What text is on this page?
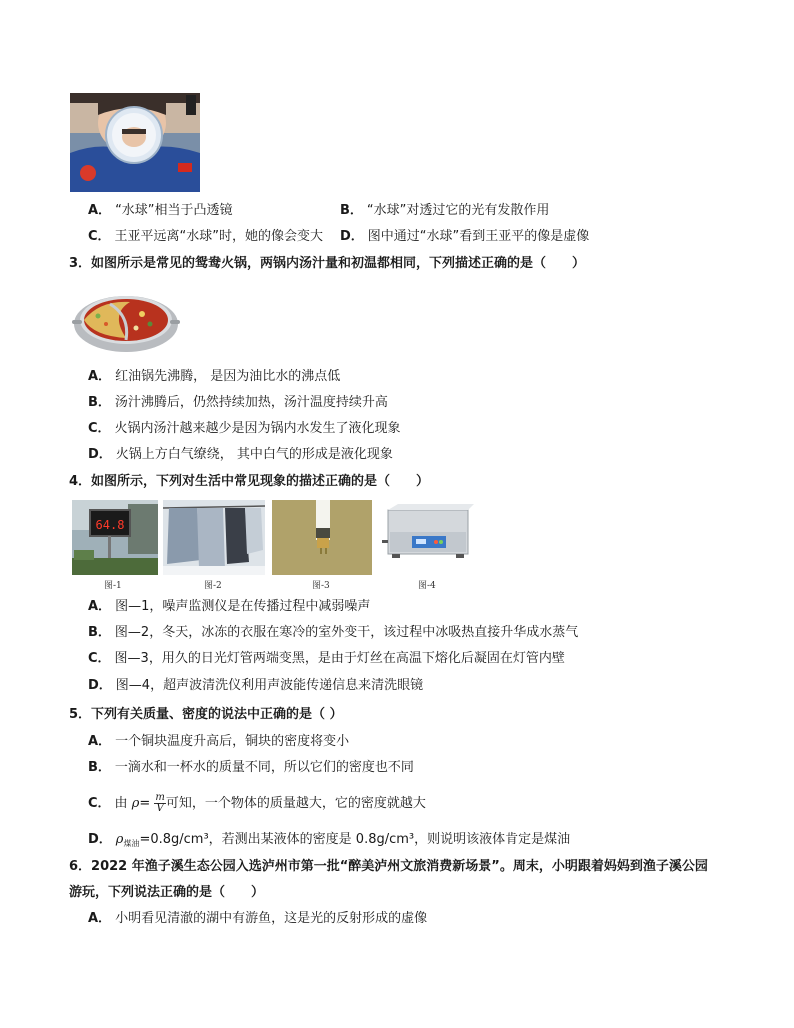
A． “水球”相当于凸透镜	B． “水球”对透过它的光有发散作用
C． 王亚平远离“水球”时，她的像会变大 D． 图中通过“水球”看到王亚平的像是虚像
3．如图所示是常见的鸳鸯火锅，两锅内汤汁量和初温都相同，下列描述正确的是（　　）
A． 红油锅先沸腾， 是因为油比水的沸点低
B． 汤汁沸腾后，仍然持续加热，汤汁温度持续升高
C． 火锅内汤汁越来越少是因为锅内水发生了液化现象
D． 火锅上方白气缭绕， 其中白气的形成是液化现象
4．如图所示，下列对生活中常见现象的描述正确的是（　　）
64.8
图-1	图-2	图-3	图-4
A． 图—1，噪声监测仪是在传播过程中减弱噪声
B． 图—2，冬天，冰冻的衣服在寒冷的室外变干，该过程中冰吸热直接升华成水蒸气
C． 图—3，用久的日光灯管两端变黑，是由于灯丝在高温下熔化后凝固在灯管内壁
D． 图—4，超声波清洗仪利用声波能传递信息来清洗眼镜
5．下列有关质量、密度的说法中正确的是（ ）
A． 一个铜块温度升高后，铜块的密度将变小
B． 一滴水和一杯水的质量不同，所以它们的密度也不同
C． 由 $\rho= \frac{m}{V}$ 可知，一个物体的质量越大，它的密度就越大
D． $\rho_{煤油}=0.8g$/cm³，若测出某液体的密度是 0.8g/cm³，则说明该液体肯定是煤油
6．2022 年渔子溪生态公园入选泸州市第一批“醉美泸州文旅消费新场景”。周末，小明跟着妈妈到渔子溪公园
游玩，下列说法正确的是（　　）
A． 小明看见清澈的湖中有游鱼，这是光的反射形成的虚像
